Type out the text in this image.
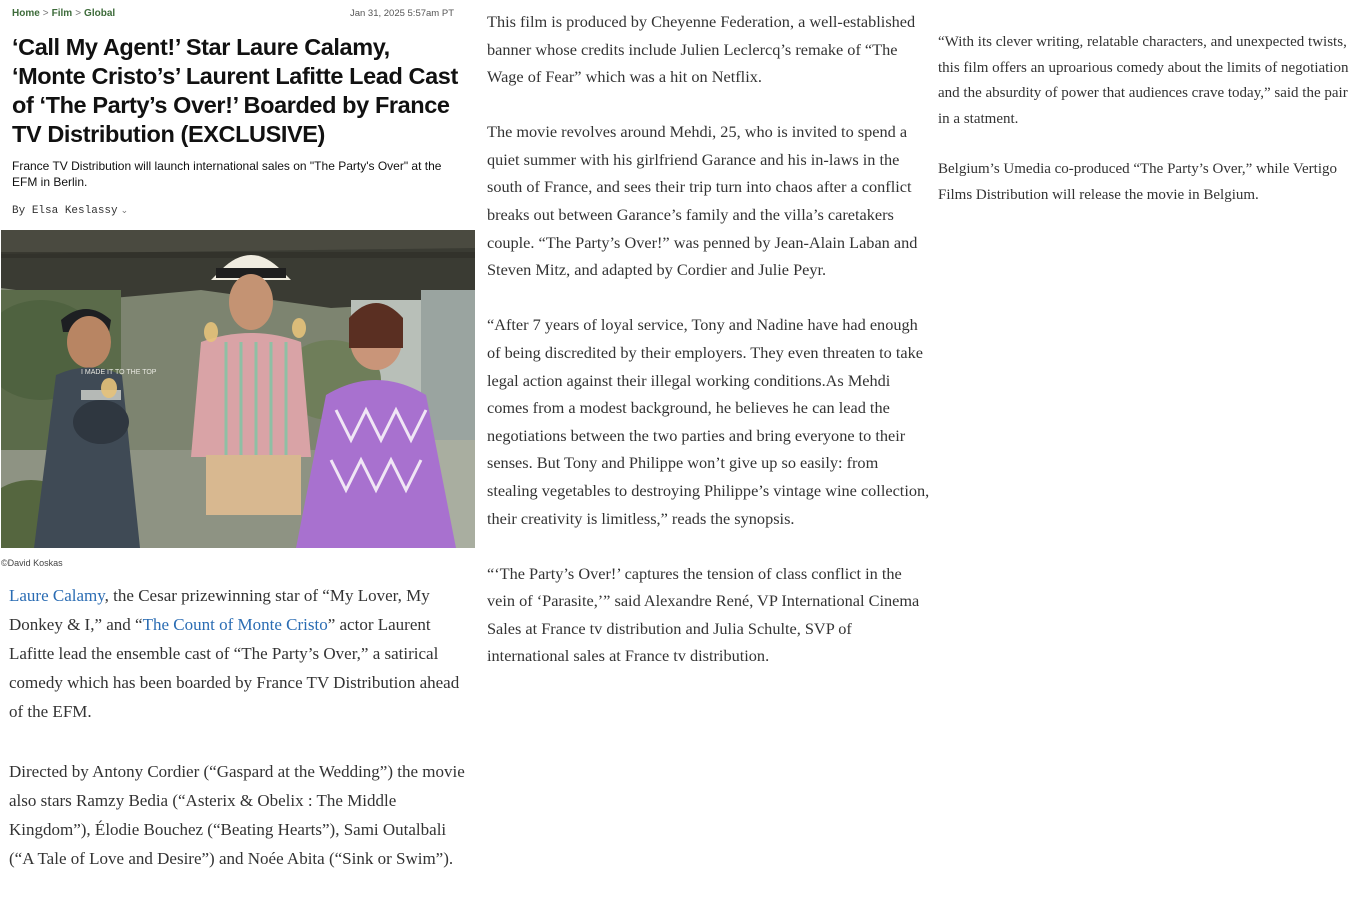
Home > Film > Global	Jan 31, 2025 5:57am PT
‘Call My Agent!’ Star Laure Calamy, ‘Monte Cristo’s’ Laurent Lafitte Lead Cast of ‘The Party’s Over!’ Boarded by France TV Distribution (EXCLUSIVE)
France TV Distribution will launch international sales on "The Party's Over" at the EFM in Berlin.
By Elsa Keslassy ⌄
I MADE IT TO THE TOP
©David Koskas

Laure Calamy, the Cesar prizewinning star of “My Lover, My Donkey & I,” and “The Count of Monte Cristo” actor Laurent Lafitte lead the ensemble cast of “The Party’s Over,” a satirical comedy which has been boarded by France TV Distribution ahead of the EFM.

Directed by Antony Cordier (“Gaspard at the Wedding”) the movie also stars Ramzy Bedia (“Asterix & Obelix : The Middle Kingdom”), Élodie Bouchez (“Beating Hearts”), Sami Outalbali (“A Tale of Love and Desire”) and Noée Abita (“Sink or Swim”).

This film is produced by Cheyenne Federation, a well-established banner whose credits include Julien Leclercq’s remake of “The Wage of Fear” which was a hit on Netflix.

The movie revolves around Mehdi, 25, who is invited to spend a quiet summer with his girlfriend Garance and his in-laws in the south of France, and sees their trip turn into chaos after a conflict breaks out between Garance’s family and the villa’s caretakers couple. “The Party’s Over!” was penned by Jean-Alain Laban and Steven Mitz, and adapted by Cordier and Julie Peyr.

“After 7 years of loyal service, Tony and Nadine have had enough of being discredited by their employers. They even threaten to take legal action against their illegal working conditions.As Mehdi comes from a modest background, he believes he can lead the negotiations between the two parties and bring everyone to their senses. But Tony and Philippe won’t give up so easily: from stealing vegetables to destroying Philippe’s vintage wine collection, their creativity is limitless,” reads the synopsis.

“‘The Party’s Over!’ captures the tension of class conflict in the vein of ‘Parasite,’” said Alexandre René, VP International Cinema Sales at France tv distribution and Julia Schulte, SVP of international sales at France tv distribution.

“With its clever writing, relatable characters, and unexpected twists, this film offers an uproarious comedy about the limits of negotiation and the absurdity of power that audiences crave today,” said the pair in a statment.

Belgium’s Umedia co-produced “The Party’s Over,” while Vertigo Films Distribution will release the movie in Belgium.
